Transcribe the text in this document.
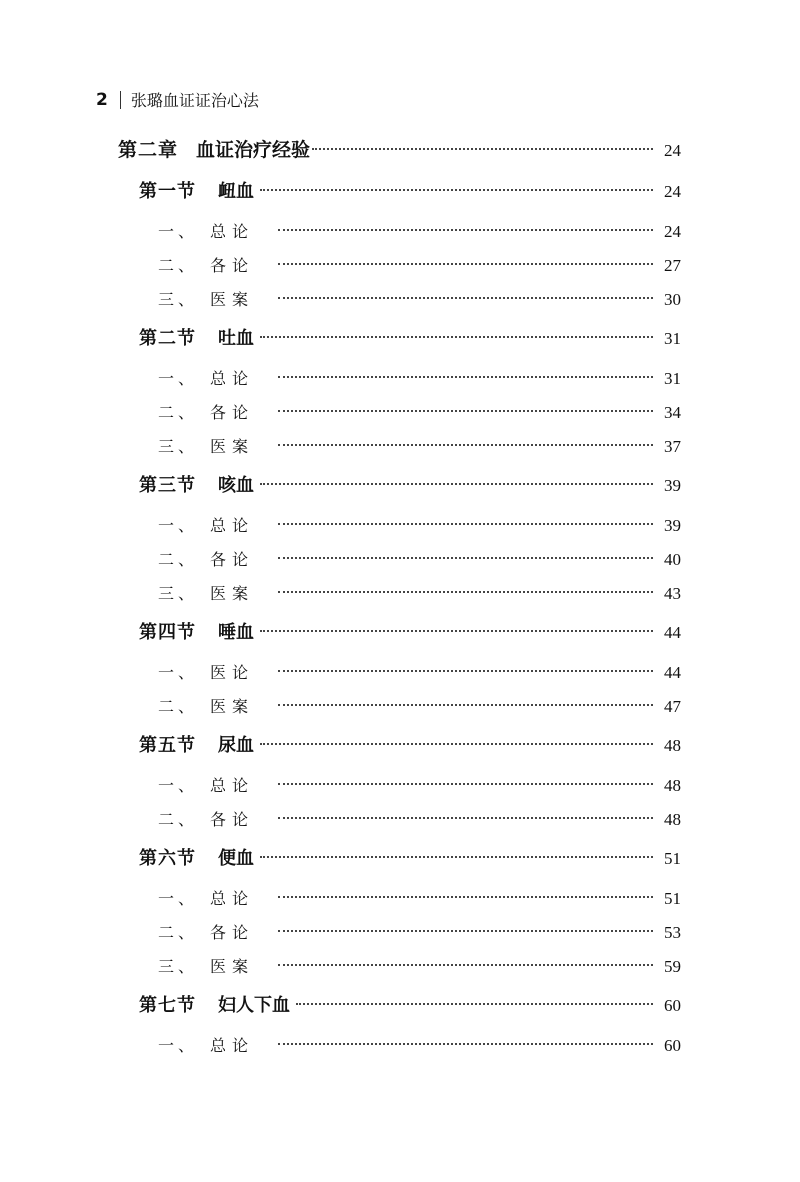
2 张璐血证证治心法
第二章 血证治疗经验	24
第一节 衄血	24
一、 总论	24
二、 各论	27
三、 医案	30
第二节 吐血	31
一、 总论	31
二、 各论	34
三、 医案	37
第三节 咳血	39
一、 总论	39
二、 各论	40
三、 医案	43
第四节 唾血	44
一、 医论	44
二、 医案	47
第五节 尿血	48
一、 总论	48
二、 各论	48
第六节 便血	51
一、 总论	51
二、 各论	53
三、 医案	59
第七节 妇人下血	60
一、 总论	60
